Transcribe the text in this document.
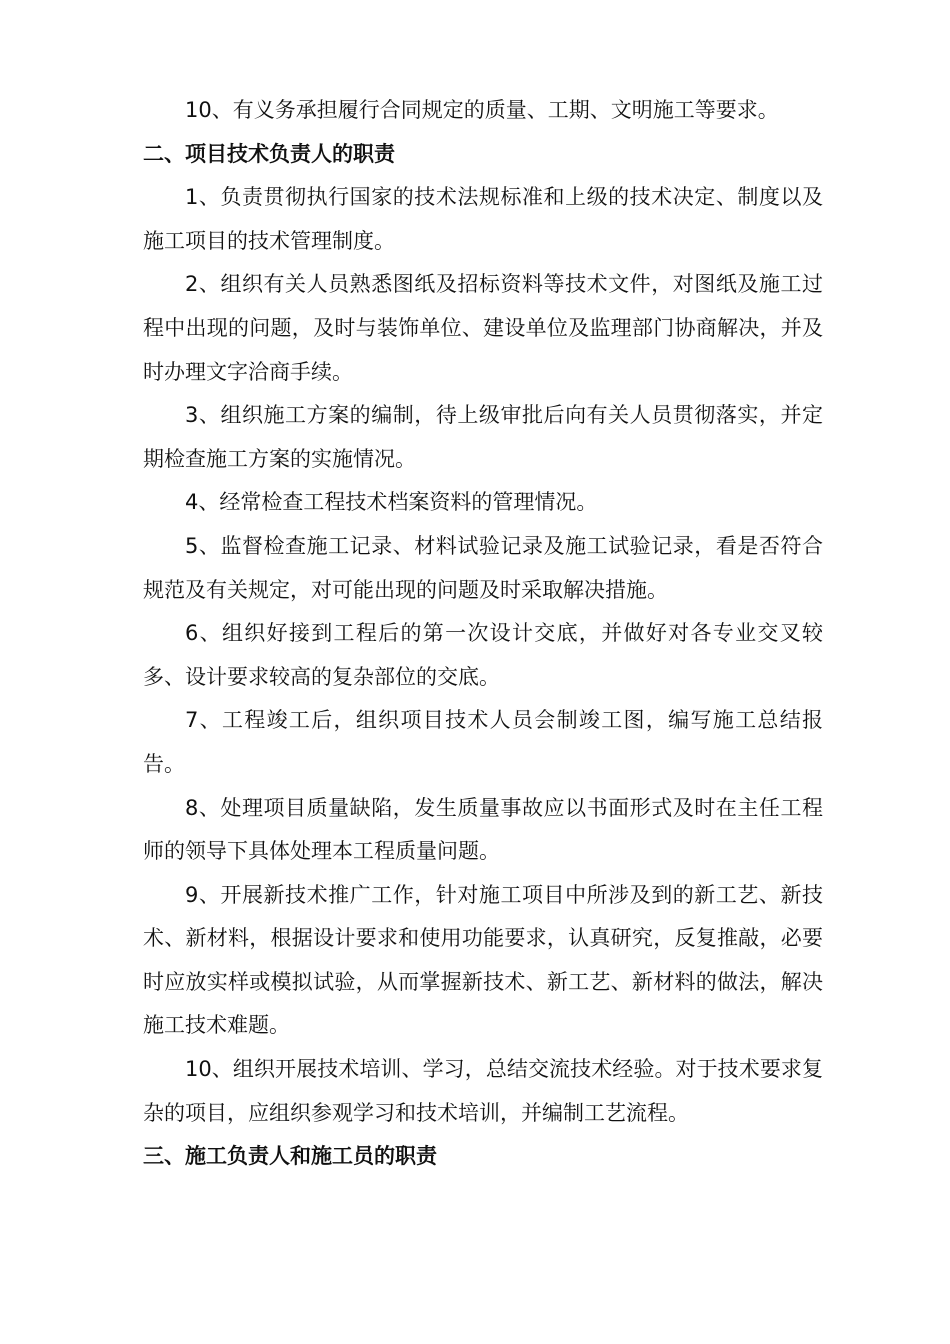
10、有义务承担履行合同规定的质量、工期、文明施工等要求。

二、项目技术负责人的职责

1、负责贯彻执行国家的技术法规标准和上级的技术决定、制度以及施工项目的技术管理制度。

2、组织有关人员熟悉图纸及招标资料等技术文件，对图纸及施工过程中出现的问题，及时与装饰单位、建设单位及监理部门协商解决，并及时办理文字洽商手续。

3、组织施工方案的编制，待上级审批后向有关人员贯彻落实，并定期检查施工方案的实施情况。

4、经常检查工程技术档案资料的管理情况。

5、监督检查施工记录、材料试验记录及施工试验记录，看是否符合规范及有关规定，对可能出现的问题及时采取解决措施。

6、组织好接到工程后的第一次设计交底，并做好对各专业交叉较多、设计要求较高的复杂部位的交底。

7、工程竣工后，组织项目技术人员会制竣工图，编写施工总结报告。

8、处理项目质量缺陷，发生质量事故应以书面形式及时在主任工程师的领导下具体处理本工程质量问题。

9、开展新技术推广工作，针对施工项目中所涉及到的新工艺、新技术、新材料，根据设计要求和使用功能要求，认真研究，反复推敲，必要时应放实样或模拟试验，从而掌握新技术、新工艺、新材料的做法，解决施工技术难题。

10、组织开展技术培训、学习，总结交流技术经验。对于技术要求复杂的项目，应组织参观学习和技术培训，并编制工艺流程。

三、施工负责人和施工员的职责
